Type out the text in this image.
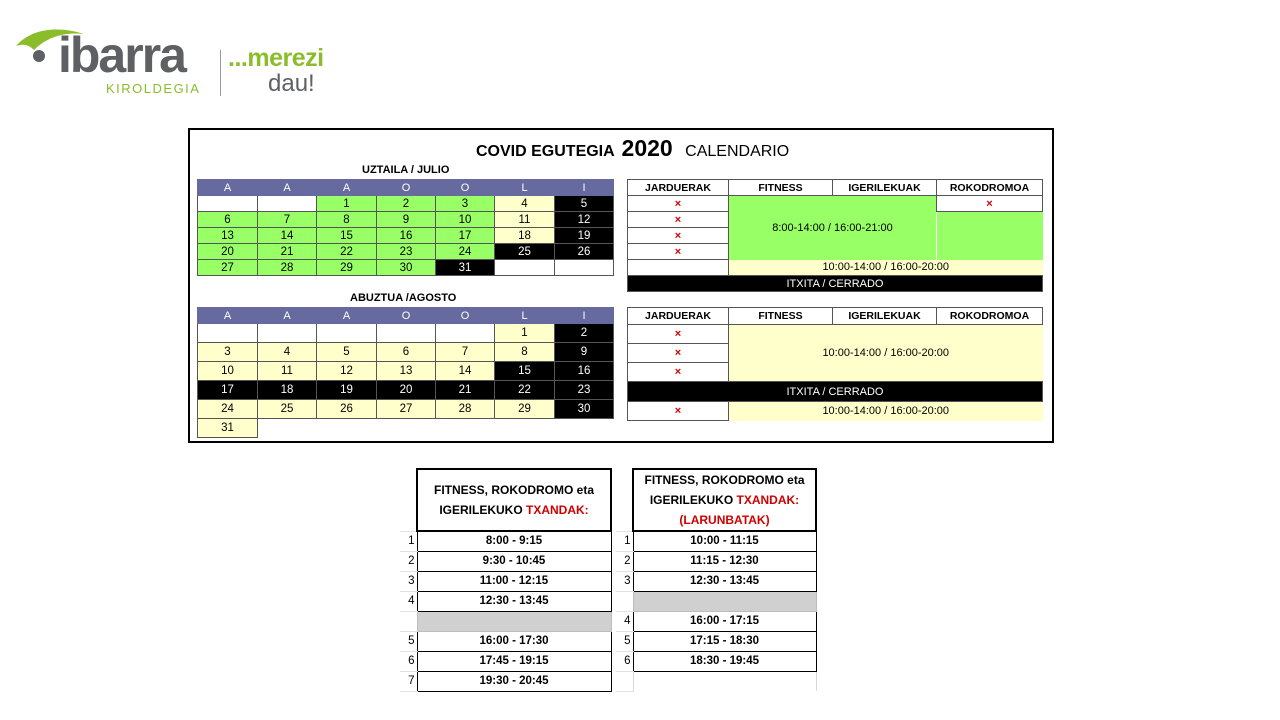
ibarra
KIROLDEGIA
...merezi
dau!
COVID EGUTEGIA 2020 CALENDARIO
UZTAILA / JULIO
A	A	A	O	O	L	I
		1	2	3	4	5
6	7	8	9	10	11	12
13	14	15	16	17	18	19
20	21	22	23	24	25	26
27	28	29	30	31		
JARDUERAK	FITNESS	IGERILEKUAK	ROKODROMOA
×	8:00-14:00 / 16:00-21:00		×
×			
×			
×			
	10:00-14:00 / 16:00-20:00		
ITXITA / CERRADO			
ABUZTUA /AGOSTO
A	A	A	O	O	L	I
					1	2
3	4	5	6	7	8	9
10	11	12	13	14	15	16
17	18	19	20	21	22	23
24	25	26	27	28	29	30
31						
JARDUERAK	FITNESS	IGERILEKUAK	ROKODROMOA
×	10:00-14:00 / 16:00-20:00		
×			
×			
ITXITA / CERRADO			
×	10:00-14:00 / 16:00-20:00		
	FITNESS, ROKODROMO eta IGERILEKUKO TXANDAK:
1	8:00 - 9:15
2	9:30 - 10:45
3	11:00 - 12:15
4	12:30 - 13:45

5	16:00 - 17:30
6	17:45 - 19:15
7	19:30 - 20:45
	FITNESS, ROKODROMO eta IGERILEKUKO TXANDAK:
(LARUNBATAK)
1	10:00 - 11:15
2	11:15 - 12:30
3	12:30 - 13:45

4	16:00 - 17:15
5	17:15 - 18:30
6	18:30 - 19:45
